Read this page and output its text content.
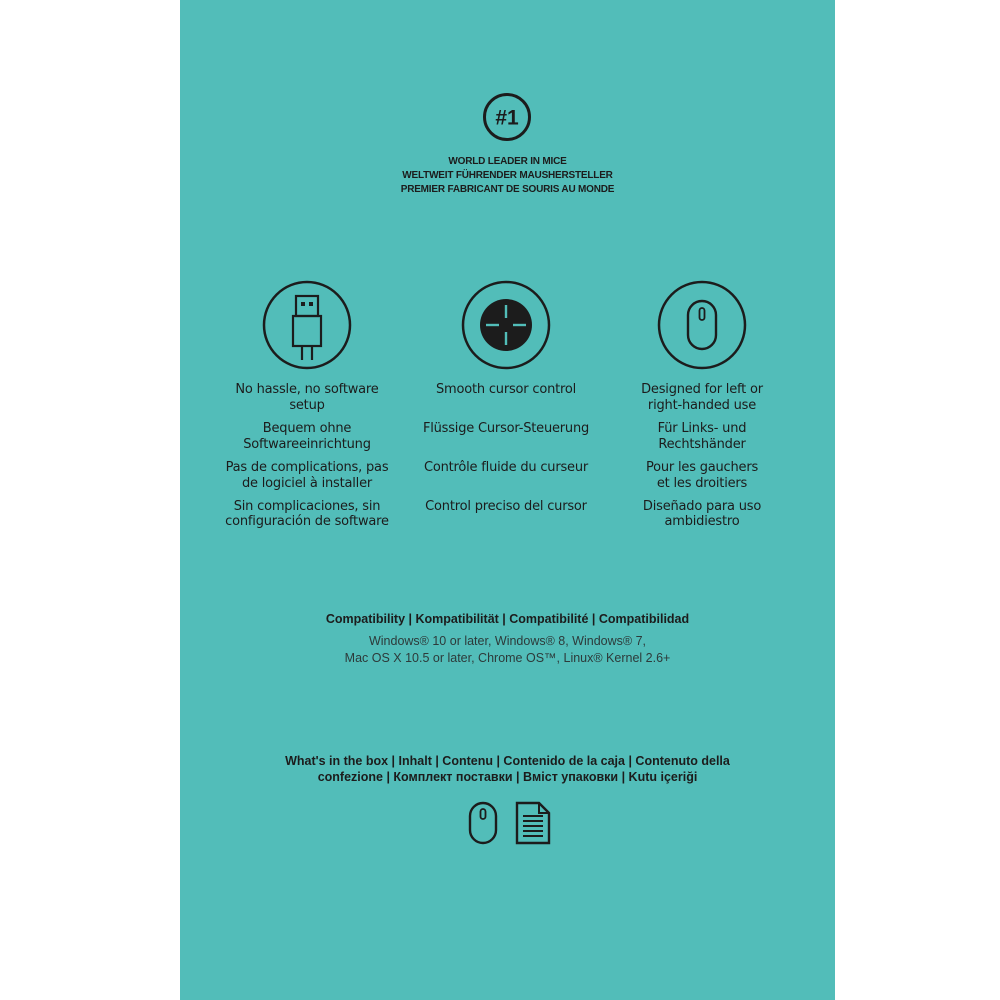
#1
WORLD LEADER IN MICE
WELTWEIT FÜHRENDER MAUSHERSTELLER
PREMIER FABRICANT DE SOURIS AU MONDE
No hassle, no software
setup
Bequem ohne
Softwareeinrichtung
Pas de complications, pas
de logiciel à installer
Sin complicaciones, sin
configuración de software
Smooth cursor control
Flüssige Cursor-Steuerung
Contrôle fluide du curseur
Control preciso del cursor
Designed for left or
right-handed use
Für Links- und
Rechtshänder
Pour les gauchers
et les droitiers
Diseñado para uso
ambidiestro
Compatibility | Kompatibilität | Compatibilité | Compatibilidad
Windows® 10 or later, Windows® 8, Windows® 7,
Mac OS X 10.5 or later, Chrome OS™, Linux® Kernel 2.6+
What's in the box | Inhalt | Contenu | Contenido de la caja | Contenuto della
confezione | Комплект поставки | Вміст упаковки | Kutu içeriği
